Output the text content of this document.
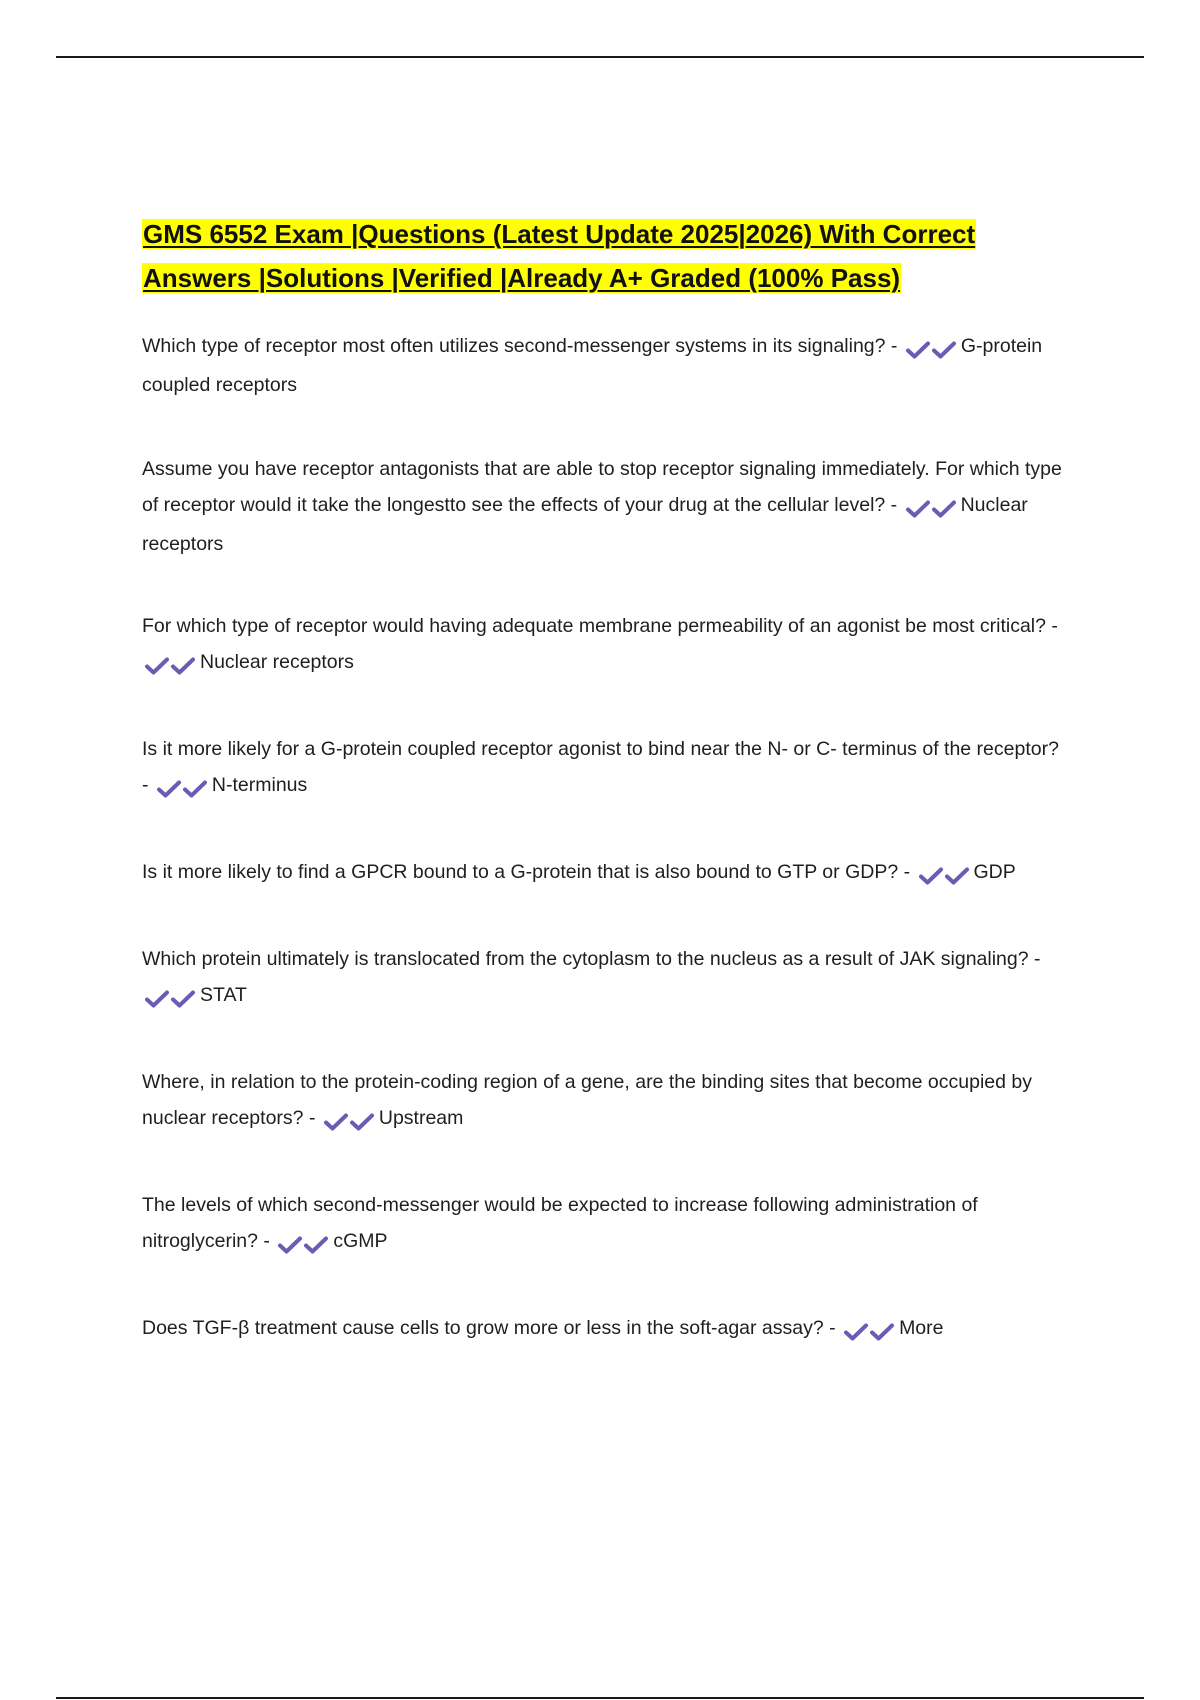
GMS 6552 Exam |Questions (Latest Update 2025|2026) With Correct
Answers |Solutions |Verified |Already A+ Graded (100% Pass)

Which type of receptor most often utilizes second-messenger systems in its signaling? -	G-protein coupled receptors

Assume you have receptor antagonists that are able to stop receptor signaling immediately. For which type of receptor would it take the longestto see the effects of your drug at the cellular level? -	Nuclear receptors

For which type of receptor would having adequate membrane permeability of an agonist be most critical? -
Nuclear receptors

Is it more likely for a G-protein coupled receptor agonist to bind near the N- or C- terminus of the receptor? -	N-terminus

Is it more likely to find a GPCR bound to a G-protein that is also bound to GTP or GDP? -	GDP

Which protein ultimately is translocated from the cytoplasm to the nucleus as a result of JAK signaling? -
STAT

Where, in relation to the protein-coding region of a gene, are the binding sites that become occupied by nuclear receptors? -	Upstream

The levels of which second-messenger would be expected to increase following administration of nitroglycerin? -	cGMP

Does TGF-β treatment cause cells to grow more or less in the soft-agar assay? -	More
